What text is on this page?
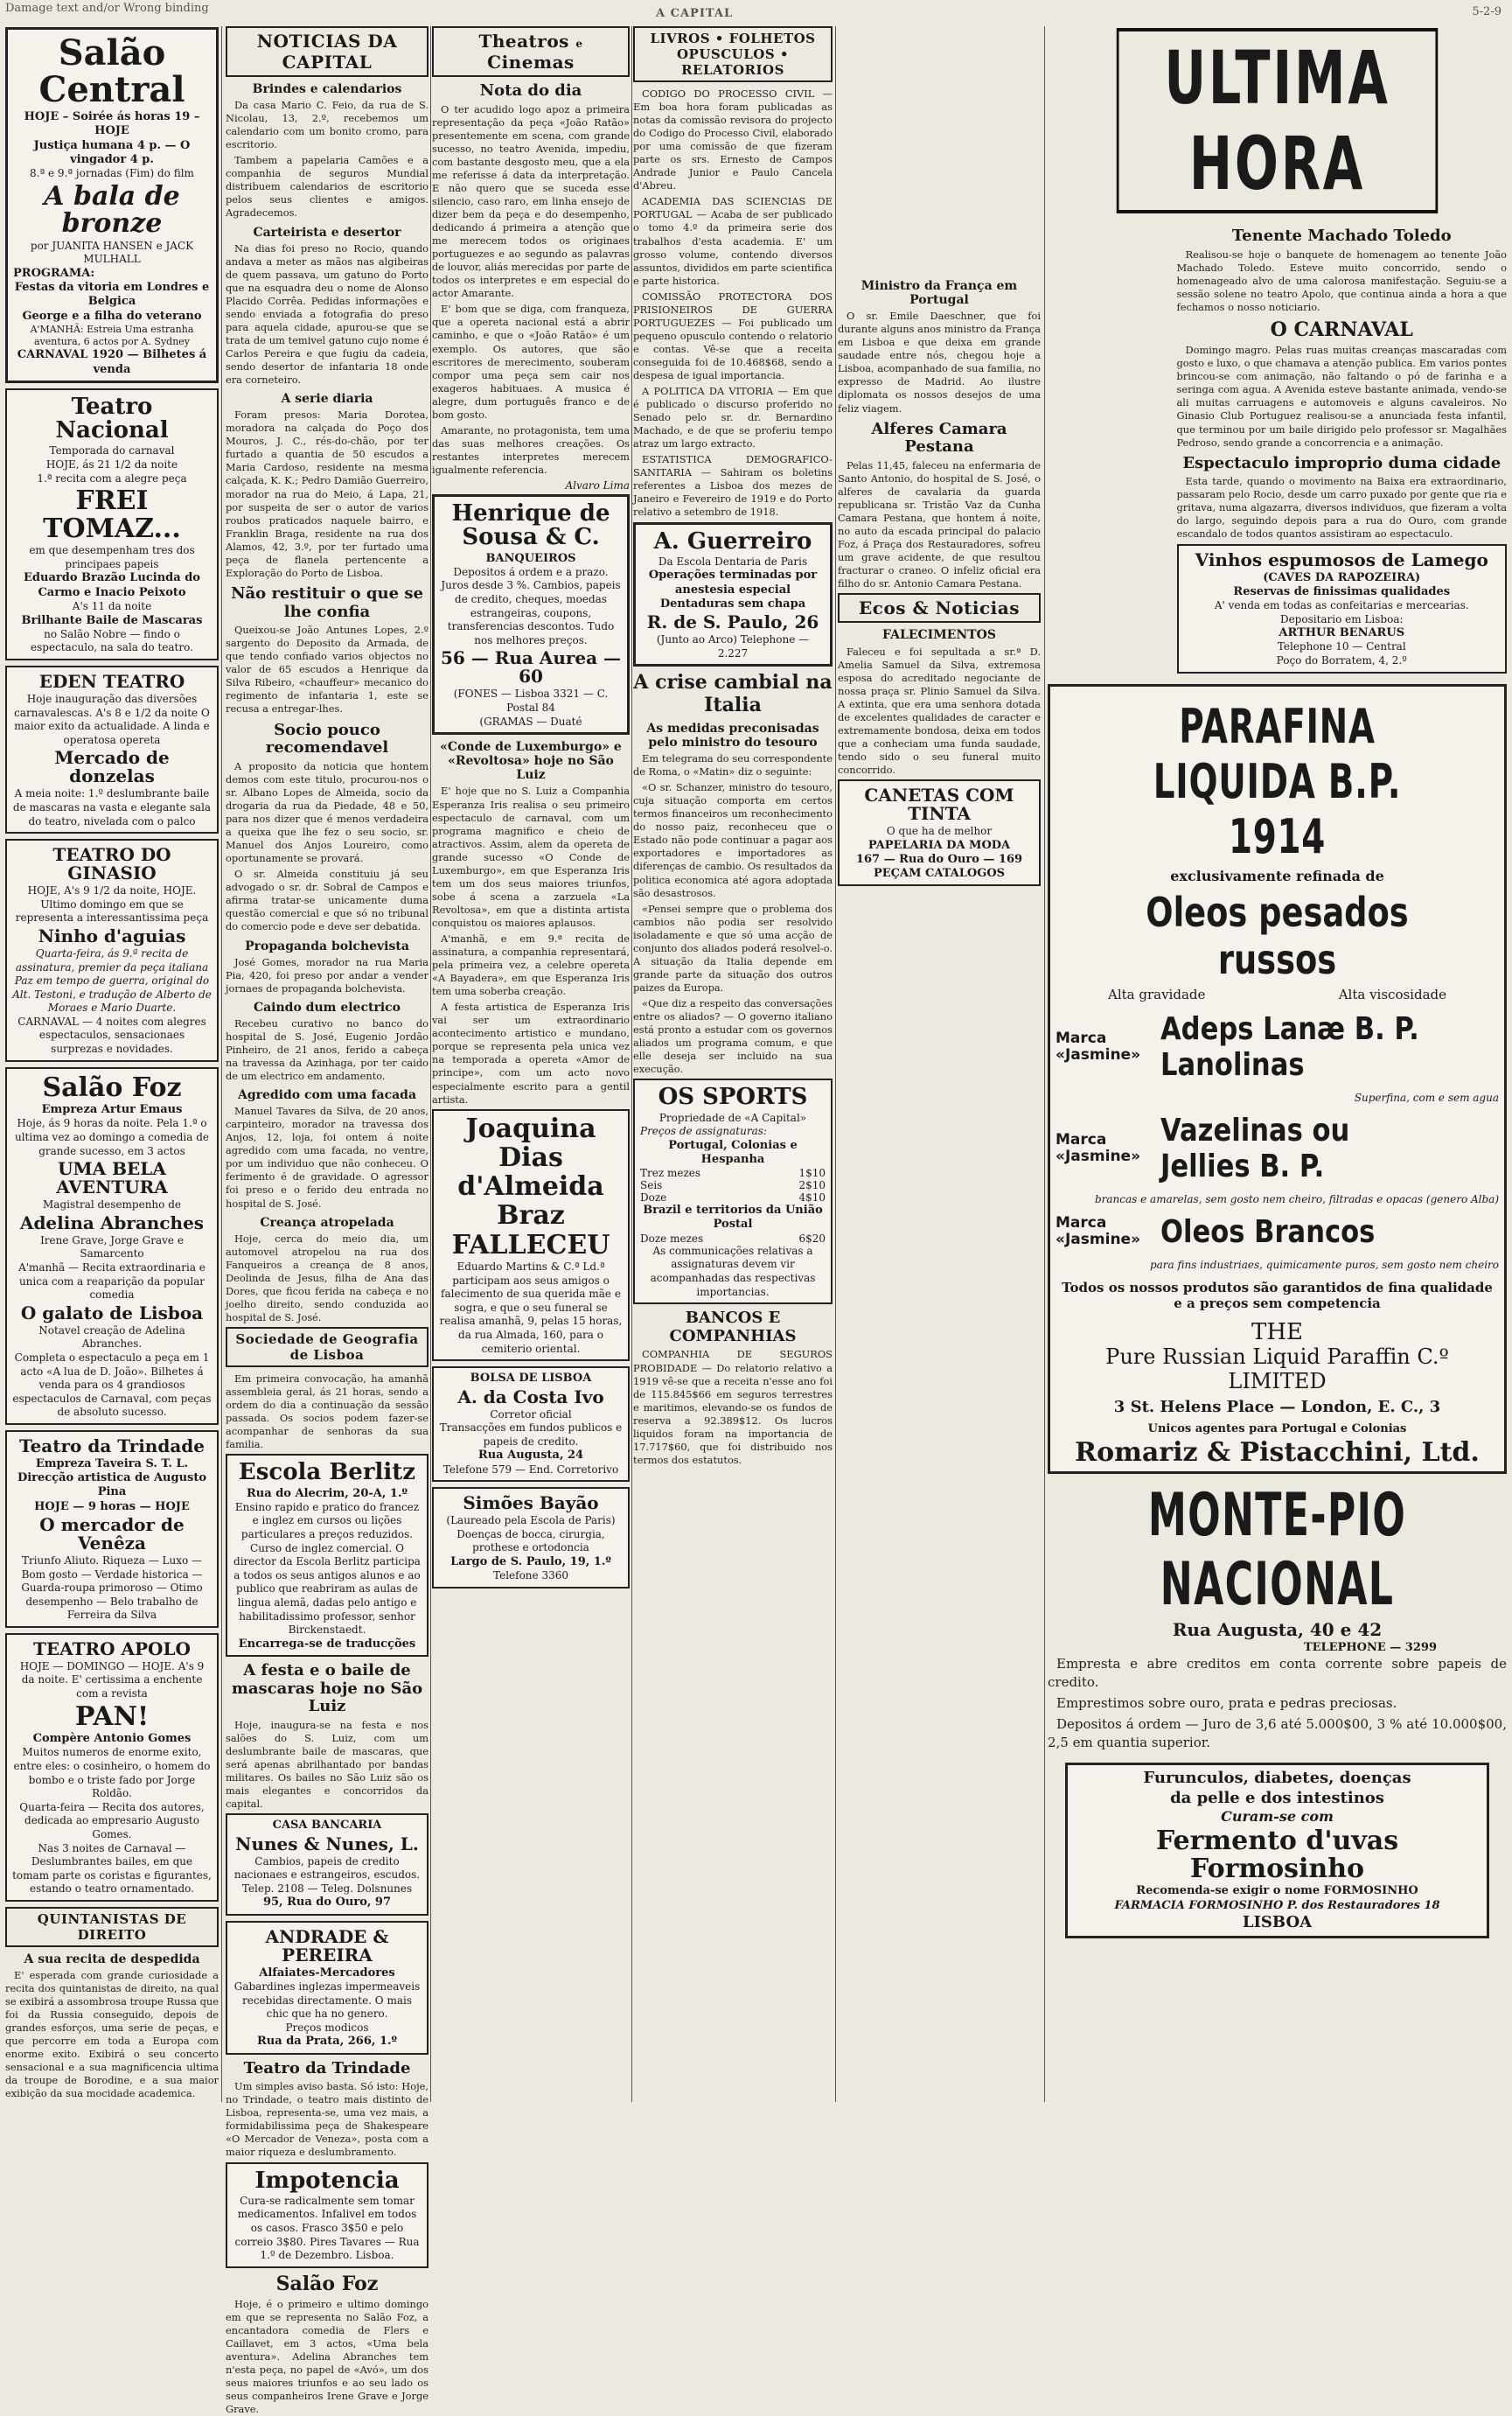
Damage text and/or Wrong binding	A CAPITAL	5-2-9
Salão Central
HOJE – Soirée ás horas 19 – HOJE
Justiça humana 4 p. — O vingador 4 p.
8.ª e 9.ª jornadas (Fim) do film
A bala de bronze
por JUANITA HANSEN e JACK MULHALL
PROGRAMA:
Festas da vitoria em Londres e Belgica
George e a filha do veterano
A'MANHÃ: Estreia Uma estranha aventura, 6 actos por A. Sydney
CARNAVAL 1920 — Bilhetes á venda
Teatro Nacional
Temporada do carnaval
HOJE, ás 21 1/2 da noite
1.ª recita com a alegre peça
FREI TOMAZ...
em que desempenham tres dos principaes papeis
Eduardo Brazão Lucinda do Carmo e Inacio Peixoto
A's 11 da noite
Brilhante Baile de Mascaras
no Salão Nobre — findo o espectaculo, na sala do teatro.
EDEN TEATRO
Hoje inauguração das diversões carnavalescas. A's 8 e 1/2 da noite O maior exito da actualidade. A linda e operatosa opereta
Mercado de donzelas
A meia noite: 1.º deslumbrante baile de mascaras na vasta e elegante sala do teatro, nivelada com o palco
TEATRO DO GINASIO
HOJE, A's 9 1/2 da noite, HOJE. Ultimo domingo em que se representa a interessantissima peça
Ninho d'aguias
Quarta-feira, ás 9.ª recita de assinatura, premier da peça italiana Paz em tempo de guerra, original do Alt. Testoni, e tradução de Alberto de Moraes e Mario Duarte.
CARNAVAL — 4 noites com alegres espectaculos, sensacionaes surprezas e novidades.
Salão Foz
Empreza Artur Emaus
Hoje, ás 9 horas da noite. Pela 1.ª o ultima vez ao domingo a comedia de grande sucesso, em 3 actos
UMA BELA AVENTURA
Magistral desempenho de
Adelina Abranches
Irene Grave, Jorge Grave e Samarcento
A'manhã — Recita extraordinaria e unica com a reaparição da popular comedia
O galato de Lisboa
Notavel creação de Adelina Abranches.
Completa o espectaculo a peça em 1 acto «A lua de D. João». Bilhetes á venda para os 4 grandiosos espectaculos de Carnaval, com peças de absoluto sucesso.
Teatro da Trindade
Empreza Taveira S. T. L.
Direcção artistica de Augusto Pina
HOJE — 9 horas — HOJE
O mercador de Venêza
Triunfo Aliuto. Riqueza — Luxo — Bom gosto — Verdade historica — Guarda-roupa primoroso — Otimo desempenho — Belo trabalho de Ferreira da Silva
TEATRO APOLO
HOJE — DOMINGO — HOJE. A's 9 da noite. E' certissima a enchente com a revista
PAN!
Compère Antonio Gomes
Muitos numeros de enorme exito, entre eles: o cosinheiro, o homem do bombo e o triste fado por Jorge Roldão.
Quarta-feira — Recita dos autores, dedicada ao empresario Augusto Gomes.
Nas 3 noites de Carnaval — Deslumbrantes bailes, em que tomam parte os coristas e figurantes, estando o teatro ornamentado.
QUINTANISTAS DE DIREITO
A sua recita de despedida

E' esperada com grande curiosidade a recita dos quintanistas de direito, na qual se exibirá a assombrosa troupe Russa que foi da Russia conseguido, depois de grandes esforços, uma serie de peças, e que percorre em toda a Europa com enorme exito. Exibirá o seu concerto sensacional e a sua magnificencia ultima da troupe de Borodine, e a sua maior exibição da sua mocidade academica.

NOTICIAS DA CAPITAL
Brindes e calendarios

Da casa Mario C. Feio, da rua de S. Nicolau, 13, 2.º, recebemos um calendario com um bonito cromo, para escritorio.

Tambem a papelaria Camões e a companhia de seguros Mundial distribuem calendarios de escritorio pelos seus clientes e amigos. Agradecemos.

Carteirista e desertor

Na dias foi preso no Rocio, quando andava a meter as mãos nas algibeiras de quem passava, um gatuno do Porto que na esquadra deu o nome de Alonso Placido Corrêa. Pedidas informações e sendo enviada a fotografia do preso para aquela cidade, apurou-se que se trata de um temivel gatuno cujo nome é Carlos Pereira e que fugiu da cadeia, sendo desertor de infantaria 18 onde era corneteiro.

A serie diaria

Foram presos: Maria Dorotea, moradora na calçada do Poço dos Mouros, J. C., rés-do-chão, por ter furtado a quantia de 50 escudos a Maria Cardoso, residente na mesma calçada, K. K.; Pedro Damião Guerreiro, morador na rua do Meio, á Lapa, 21, por suspeita de ser o autor de varios roubos praticados naquele bairro, e Franklin Braga, residente na rua dos Alamos, 42, 3.º, por ter furtado uma peça de flanela pertencente a Exploração do Porto de Lisboa.

Não restituir o que se lhe confia

Queixou-se João Antunes Lopes, 2.º sargento do Deposito da Armada, de que tendo confiado varios objectos no valor de 65 escudos a Henrique da Silva Ribeiro, «chauffeur» mecanico do regimento de infantaria 1, este se recusa a entregar-lhes.

Socio pouco recomendavel

A proposito da noticia que hontem demos com este titulo, procurou-nos o sr. Albano Lopes de Almeida, socio da drogaria da rua da Piedade, 48 e 50, para nos dizer que é menos verdadeira a queixa que lhe fez o seu socio, sr. Manuel dos Anjos Loureiro, como oportunamente se provará.

O sr. Almeida constituiu já seu advogado o sr. dr. Sobral de Campos e afirma tratar-se unicamente duma questão comercial e que só no tribunal do comercio pode e deve ser debatida.

Propaganda bolchevista

José Gomes, morador na rua Maria Pia, 420, foi preso por andar a vender jornaes de propaganda bolchevista.

Caindo dum electrico

Recebeu curativo no banco do hospital de S. José, Eugenio Jordão Pinheiro, de 21 anos, ferido a cabeça na travessa da Azinhaga, por ter caido de um electrico em andamento.

Agredido com uma facada

Manuel Tavares da Silva, de 20 anos, carpinteiro, morador na travessa dos Anjos, 12, loja, foi ontem á noite agredido com uma facada, no ventre, por um individuo que não conheceu. O ferimento é de gravidade. O agressor foi preso e o ferido deu entrada no hospital de S. José.

Creança atropelada

Hoje, cerca do meio dia, um automovel atropelou na rua dos Fanqueiros a creança de 8 anos, Deolinda de Jesus, filha de Ana das Dores, que ficou ferida na cabeça e no joelho direito, sendo conduzida ao hospital de S. José.

Sociedade de Geografia de Lisboa

Em primeira convocação, ha amanhã assembleia geral, ás 21 horas, sendo a ordem do dia a continuação da sessão passada. Os socios podem fazer-se acompanhar de senhoras da sua familia.

Escola Berlitz
Rua do Alecrim, 20-A, 1.º
Ensino rapido e pratico do francez e inglez em cursos ou lições particulares a preços reduzidos. Curso de inglez comercial. O director da Escola Berlitz participa a todos os seus antigos alunos e ao publico que reabriram as aulas de lingua alemã, dadas pelo antigo e habilitadissimo professor, senhor Birckenstaedt.
Encarrega-se de traducções
A festa e o baile de mascaras hoje no São Luiz

Hoje, inaugura-se na festa e nos salões do S. Luiz, com um deslumbrante baile de mascaras, que será apenas abrilhantado por bandas militares. Os bailes no São Luiz são os mais elegantes e concorridos da capital.

CASA BANCARIA
Nunes & Nunes, L.
Cambios, papeis de credito nacionaes e estrangeiros, escudos. Telep. 2108 — Teleg. Dolsnunes
95, Rua do Ouro, 97
ANDRADE & PEREIRA
Alfaiates-Mercadores
Gabardines inglezas impermeaveis recebidas directamente. O mais chic que ha no genero.
Preços modicos
Rua da Prata, 266, 1.º
Teatro da Trindade

Um simples aviso basta. Só isto: Hoje, no Trindade, o teatro mais distinto de Lisboa, representa-se, uma vez mais, a formidabilissima peça de Shakespeare «O Mercador de Veneza», posta com a maior riqueza e deslumbramento.

Impotencia
Cura-se radicalmente sem tomar medicamentos. Infalivel em todos os casos. Frasco 3$50 e pelo correio 3$80. Pires Tavares — Rua 1.º de Dezembro. Lisboa.
Salão Foz

Hoje, é o primeiro e ultimo domingo em que se representa no Salão Foz, a encantadora comedia de Flers e Caillavet, em 3 actos, «Uma bela aventura». Adelina Abranches tem n'esta peça, no papel de «Avó», um dos seus maiores triunfos e ao seu lado os seus companheiros Irene Grave e Jorge Grave.

Theatros e Cinemas
Nota do dia

O ter acudido logo apoz a primeira representação da peça «João Ratão» presentemente em scena, com grande sucesso, no teatro Avenida, impediu, com bastante desgosto meu, que a ela me referisse á data da interpretação. E não quero que se suceda esse silencio, caso raro, em linha ensejo de dizer bem da peça e do desempenho, dedicando á primeira a atenção que me merecem todos os originaes portuguezes e ao segundo as palavras de louvor, aliás merecidas por parte de todos os interpretes e em especial do actor Amarante.

E' bom que se diga, com franqueza, que a opereta nacional está a abrir caminho, e que o «João Ratão» é um exemplo. Os autores, que são escritores de merecimento, souberam compor uma peça sem cair nos exageros habituaes. A musica é alegre, dum português franco e de bom gosto.

Amarante, no protagonista, tem uma das suas melhores creações. Os restantes interpretes merecem igualmente referencia.

Alvaro Lima
Henrique de Sousa & C.
BANQUEIROS
Depositos á ordem e a prazo. Juros desde 3 %. Cambios, papeis de credito, cheques, moedas estrangeiras, coupons, transferencias descontos. Tudo nos melhores preços.
56 — Rua Aurea — 60
(FONES — Lisboa 3321 — C. Postal 84
(GRAMAS — Duaté
«Conde de Luxemburgo» e «Revoltosa» hoje no São Luiz

E' hoje que no S. Luiz a Companhia Esperanza Iris realisa o seu primeiro espectaculo de carnaval, com um programa magnifico e cheio de atractivos. Assim, alem da opereta de grande sucesso «O Conde de Luxemburgo», em que Esperanza Iris tem um dos seus maiores triunfos, sobe á scena a zarzuela «La Revoltosa», em que a distinta artista conquistou os maiores aplausos.

A'manhã, e em 9.ª recita de assinatura, a companhia representará, pela primeira vez, a celebre opereta «A Bayadera», em que Esperanza Iris tem uma soberba creação.

A festa artistica de Esperanza Iris vai ser um extraordinario acontecimento artistico e mundano, porque se representa pela unica vez na temporada a opereta «Amor de principe», com um acto novo especialmente escrito para a gentil artista.

Joaquina Dias d'Almeida Braz
FALLECEU
Eduardo Martins & C.ª Ld.ª participam aos seus amigos o falecimento de sua querida mãe e sogra, e que o seu funeral se realisa amanhã, 9, pelas 15 horas, da rua Almada, 160, para o cemiterio oriental.
BOLSA DE LISBOA
A. da Costa Ivo
Corretor oficial
Transacções em fundos publicos e papeis de credito.
Rua Augusta, 24
Telefone 579 — End. Corretorivo
Simões Bayão
(Laureado pela Escola de Paris)
Doenças de bocca, cirurgia, prothese e ortodoncia
Largo de S. Paulo, 19, 1.º
Telefone 3360
LIVROS • FOLHETOS OPUSCULOS • RELATORIOS

CODIGO DO PROCESSO CIVIL — Em boa hora foram publicadas as notas da comissão revisora do projecto do Codigo do Processo Civil, elaborado por uma comissão de que fizeram parte os srs. Ernesto de Campos Andrade Junior e Paulo Cancela d'Abreu.

ACADEMIA DAS SCIENCIAS DE PORTUGAL — Acaba de ser publicado o tomo 4.º da primeira serie dos trabalhos d'esta academia. E' um grosso volume, contendo diversos assuntos, divididos em parte scientifica e parte historica.

COMISSÃO PROTECTORA DOS PRISIONEIROS DE GUERRA PORTUGUEZES — Foi publicado um pequeno opusculo contendo o relatorio e contas. Vê-se que a receita conseguida foi de 10.468$68, sendo a despesa de igual importancia.

A POLITICA DA VITORIA — Em que é publicado o discurso proferido no Senado pelo sr. dr. Bernardino Machado, e de que se proferiu tempo atraz um largo extracto.

ESTATISTICA DEMOGRAFICO-SANITARIA — Sahiram os boletins referentes a Lisboa dos mezes de Janeiro e Fevereiro de 1919 e do Porto relativo a setembro de 1918.

A. Guerreiro
Da Escola Dentaria de Paris
Operações terminadas por anestesia especial
Dentaduras sem chapa
R. de S. Paulo, 26
(Junto ao Arco) Telephone — 2.227
A crise cambial na Italia
As medidas preconisadas pelo ministro do tesouro

Em telegrama do seu correspondente de Roma, o «Matin» diz o seguinte:

«O sr. Schanzer, ministro do tesouro, cuja situação comporta em certos termos financeiros um reconhecimento do nosso paiz, reconheceu que o Estado não pode continuar a pagar aos exportadores e importadores as diferenças de cambio. Os resultados da politica economica até agora adoptada são desastrosos.

«Pensei sempre que o problema dos cambios não podia ser resolvido isoladamente e que só uma acção de conjunto dos aliados poderá resolvel-o. A situação da Italia depende em grande parte da situação dos outros paizes da Europa.

«Que diz a respeito das conversações entre os aliados? — O governo italiano está pronto a estudar com os governos aliados um programa comum, e que elle deseja ser incluido na sua execução.

OS SPORTS
Propriedade de «A Capital»
Preços de assignaturas:
Portugal, Colonias e Hespanha
Trez mezes	1$10
Seis	2$10
Doze	4$10
Brazil e territorios da União Postal
Doze mezes	6$20
As communicações relativas a assignaturas devem vir acompanhadas das respectivas importancias.
BANCOS E COMPANHIAS

COMPANHIA DE SEGUROS PROBIDADE — Do relatorio relativo a 1919 vê-se que a receita n'esse ano foi de 115.845$66 em seguros terrestres e maritimos, elevando-se os fundos de reserva a 92.389$12. Os lucros liquidos foram na importancia de 17.717$60, que foi distribuido nos termos dos estatutos.

Ministro da França em Portugal

O sr. Emile Daeschner, que foi durante alguns anos ministro da França em Lisboa e que deixa em grande saudade entre nós, chegou hoje a Lisboa, acompanhado de sua familia, no expresso de Madrid. Ao ilustre diplomata os nossos desejos de uma feliz viagem.

Alferes Camara Pestana

Pelas 11,45, faleceu na enfermaria de Santo Antonio, do hospital de S. José, o alferes de cavalaria da guarda republicana sr. Tristão Vaz da Cunha Camara Pestana, que hontem á noite, no auto da escada principal do palacio Foz, á Praça dos Restauradores, sofreu um grave acidente, de que resultou fracturar o craneo. O infeliz oficial era filho do sr. Antonio Camara Pestana.

Ecos & Noticias
FALECIMENTOS

Faleceu e foi sepultada a sr.ª D. Amelia Samuel da Silva, extremosa esposa do acreditado negociante de nossa praça sr. Plinio Samuel da Silva. A extinta, que era uma senhora dotada de excelentes qualidades de caracter e extremamente bondosa, deixa em todos que a conheciam uma funda saudade, tendo sido o seu funeral muito concorrido.

CANETAS COM TINTA
O que ha de melhor
PAPELARIA DA MODA
167 — Rua do Ouro — 169
PEÇAM CATALOGOS
ULTIMA HORA
Tenente Machado Toledo

Realisou-se hoje o banquete de homenagem ao tenente João Machado Toledo. Esteve muito concorrido, sendo o homenageado alvo de uma calorosa manifestação. Seguiu-se a sessão solene no teatro Apolo, que continua ainda a hora a que fechamos o nosso noticiario.

O CARNAVAL

Domingo magro. Pelas ruas muitas creanças mascaradas com gosto e luxo, o que chamava a atenção publica. Em varios pontes brincou-se com animação, não faltando o pó de farinha e a seringa com agua. A Avenida esteve bastante animada, vendo-se ali muitas carruagens e automoveis e alguns cavaleiros. No Ginasio Club Portuguez realisou-se a anunciada festa infantil, que terminou por um baile dirigido pelo professor sr. Magalhães Pedroso, sendo grande a concorrencia e a animação.

Espectaculo improprio duma cidade

Esta tarde, quando o movimento na Baixa era extraordinario, passaram pelo Rocio, desde um carro puxado por gente que ria e gritava, numa algazarra, diversos individuos, que fizeram a volta do largo, seguindo depois para a rua do Ouro, com grande escandalo de todos quantos assistiram ao espectaculo.

Vinhos espumosos de Lamego
(CAVES DA RAPOZEIRA)
Reservas de finissimas qualidades
A' venda em todas as confeitarias e mercearias.
Depositario em Lisboa:
ARTHUR BENARUS
Telephone 10 — Central
Poço do Borratem, 4, 2.º
PARAFINA LIQUIDA B.P. 1914
exclusivamente refinada de
Oleos pesados russos
Alta gravidade	Alta viscosidade
Marca «Jasmine»
Adeps Lanæ B. P. Lanolinas
Superfina, com e sem agua
Marca «Jasmine»
Vazelinas ou Jellies B. P.
brancas e amarelas, sem gosto nem cheiro, filtradas e opacas (genero Alba)
Marca «Jasmine» Oleos Brancos
para fins industriaes, quimicamente puros, sem gosto nem cheiro
Todos os nossos produtos são garantidos de fina qualidade e a preços sem competencia
THE
Pure Russian Liquid Paraffin C.º
LIMITED
3 St. Helens Place — London, E. C., 3
Unicos agentes para Portugal e Colonias
Romariz & Pistacchini, Ltd.
MONTE-PIO NACIONAL
Rua Augusta, 40 e 42
TELEPHONE — 3299

Empresta e abre creditos em conta corrente sobre papeis de credito.

Emprestimos sobre ouro, prata e pedras preciosas.

Depositos á ordem — Juro de 3,6 até 5.000$00, 3 % até 10.000$00, 2,5 em quantia superior.

Furunculos, diabetes, doenças
da pelle e dos intestinos
Curam-se com
Fermento d'uvas Formosinho
Recomenda-se exigir o nome FORMOSINHO
FARMACIA FORMOSINHO P. dos Restauradores 18
LISBOA
